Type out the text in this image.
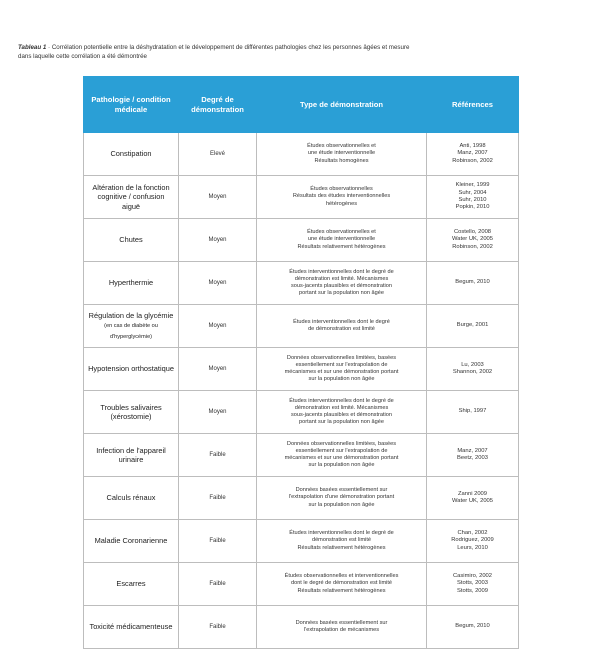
Tableau 1 · Corrélation potentielle entre la déshydratation et le développement de différentes pathologies chez les personnes âgées et mesure dans laquelle cette corrélation a été démontrée
Pathologie / condition médicale	Degré de démonstration	Type de démonstration	Références
Constipation	Elevé	Études observationnelles et
une étude interventionnelle
Résultats homogènes	Anti, 1998
Manz, 2007
Robinson, 2002

Altération de la fonction cognitive / confusion aiguë	Moyen	Études observationnelles
Résultats des études interventionnelles
hétérogènes	Kleiner, 1999
Suhr, 2004
Suhr, 2010
Popkin, 2010

Chutes	Moyen	Études observationnelles et
une étude interventionnelle
Résultats relativement hétérogènes	Costello, 2008
Water UK, 2005
Robinson, 2002

Hyperthermie	Moyen	Études interventionnelles dont le degré de
démonstration est limité. Mécanismes
sous-jacents plausibles et démonstration
portant sur la population non âgée	Begum, 2010

Régulation de la glycémie (en cas de diabète ou d'hyperglycémie)	Moyen	Études interventionnelles dont le degré
de démonstration est limité	Burge, 2001

Hypotension orthostatique	Moyen	Données observationnelles limitées, basées
essentiellement sur l'extrapolation de
mécanismes et sur une démonstration portant
sur la population non âgée	Lu, 2003
Shannon, 2002

Troubles salivaires (xérostomie)	Moyen	Études interventionnelles dont le degré de
démonstration est limité. Mécanismes
sous-jacents plausibles et démonstration
portant sur la population non âgée	Ship, 1997

Infection de l'appareil urinaire	Faible	Données observationnelles limitées, basées
essentiellement sur l'extrapolation de
mécanismes et sur une démonstration portant
sur la population non âgée	Manz, 2007
Beetz, 2003

Calculs rénaux	Faible	Données basées essentiellement sur
l'extrapolation d'une démonstration portant
sur la population non âgée	Zanni 2009
Water UK, 2005

Maladie Coronarienne	Faible	Études interventionnelles dont le degré de
démonstration est limité
Résultats relativement hétérogènes	Chan, 2002
Rodriguez, 2009
Leurs, 2010

Escarres	Faible	Études observationnelles et interventionnelles
dont le degré de démonstration est limité
Résultats relativement hétérogènes	Casimiro, 2002
Stotts, 2003
Stotts, 2009

Toxicité médicamenteuse	Faible	Données basées essentiellement sur
l'extrapolation de mécanismes	Begum, 2010
